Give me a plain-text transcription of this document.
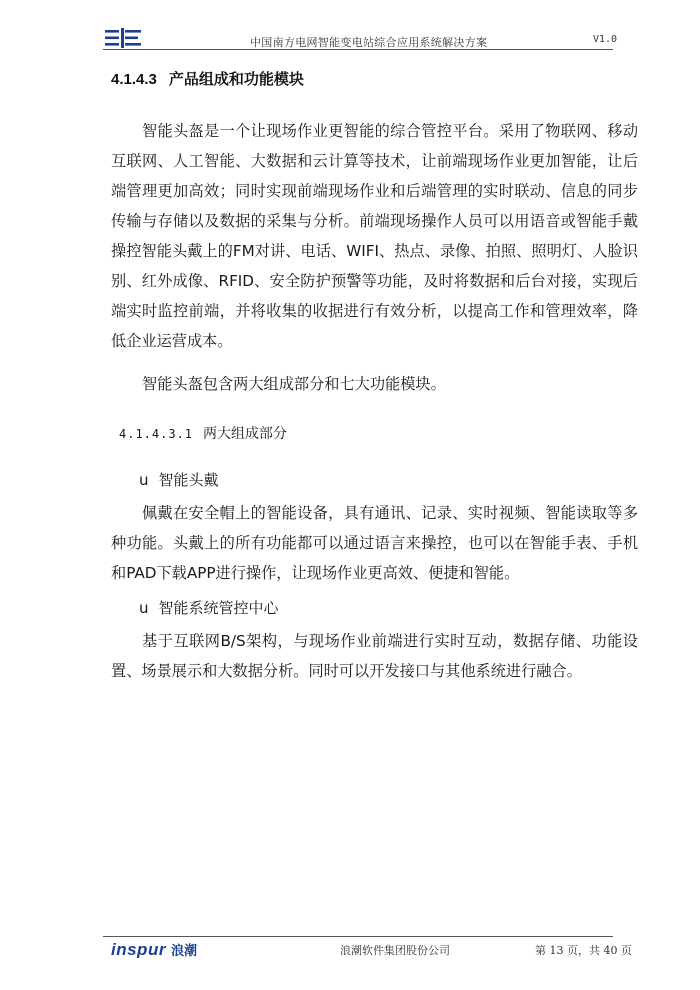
中国南方电网智能变电站综合应用系统解决方案	V1.0
4.1.4.3 产品组成和功能模块

智能头盔是一个让现场作业更智能的综合管控平台。采用了物联网、移动互联网、人工智能、大数据和云计算等技术，让前端现场作业更加智能，让后端管理更加高效；同时实现前端现场作业和后端管理的实时联动、信息的同步传输与存储以及数据的采集与分析。前端现场操作人员可以用语音或智能手戴操控智能头戴上的FM对讲、电话、WIFI、热点、录像、拍照、照明灯、人脸识别、红外成像、RFID、安全防护预警等功能，及时将数据和后台对接，实现后端实时监控前端，并将收集的收据进行有效分析，以提高工作和管理效率，降低企业运营成本。

智能头盔包含两大组成部分和七大功能模块。

4.1.4.3.1 两大组成部分
u 智能头戴

佩戴在安全帽上的智能设备，具有通讯、记录、实时视频、智能读取等多种功能。头戴上的所有功能都可以通过语言来操控，也可以在智能手表、手机和PAD下载APP进行操作，让现场作业更高效、便捷和智能。

u 智能系统管控中心

基于互联网B/S架构，与现场作业前端进行实时互动，数据存储、功能设置、场景展示和大数据分析。同时可以开发接口与其他系统进行融合。

inspur 浪潮	浪潮软件集团股份公司	第 13 页，共 40 页
